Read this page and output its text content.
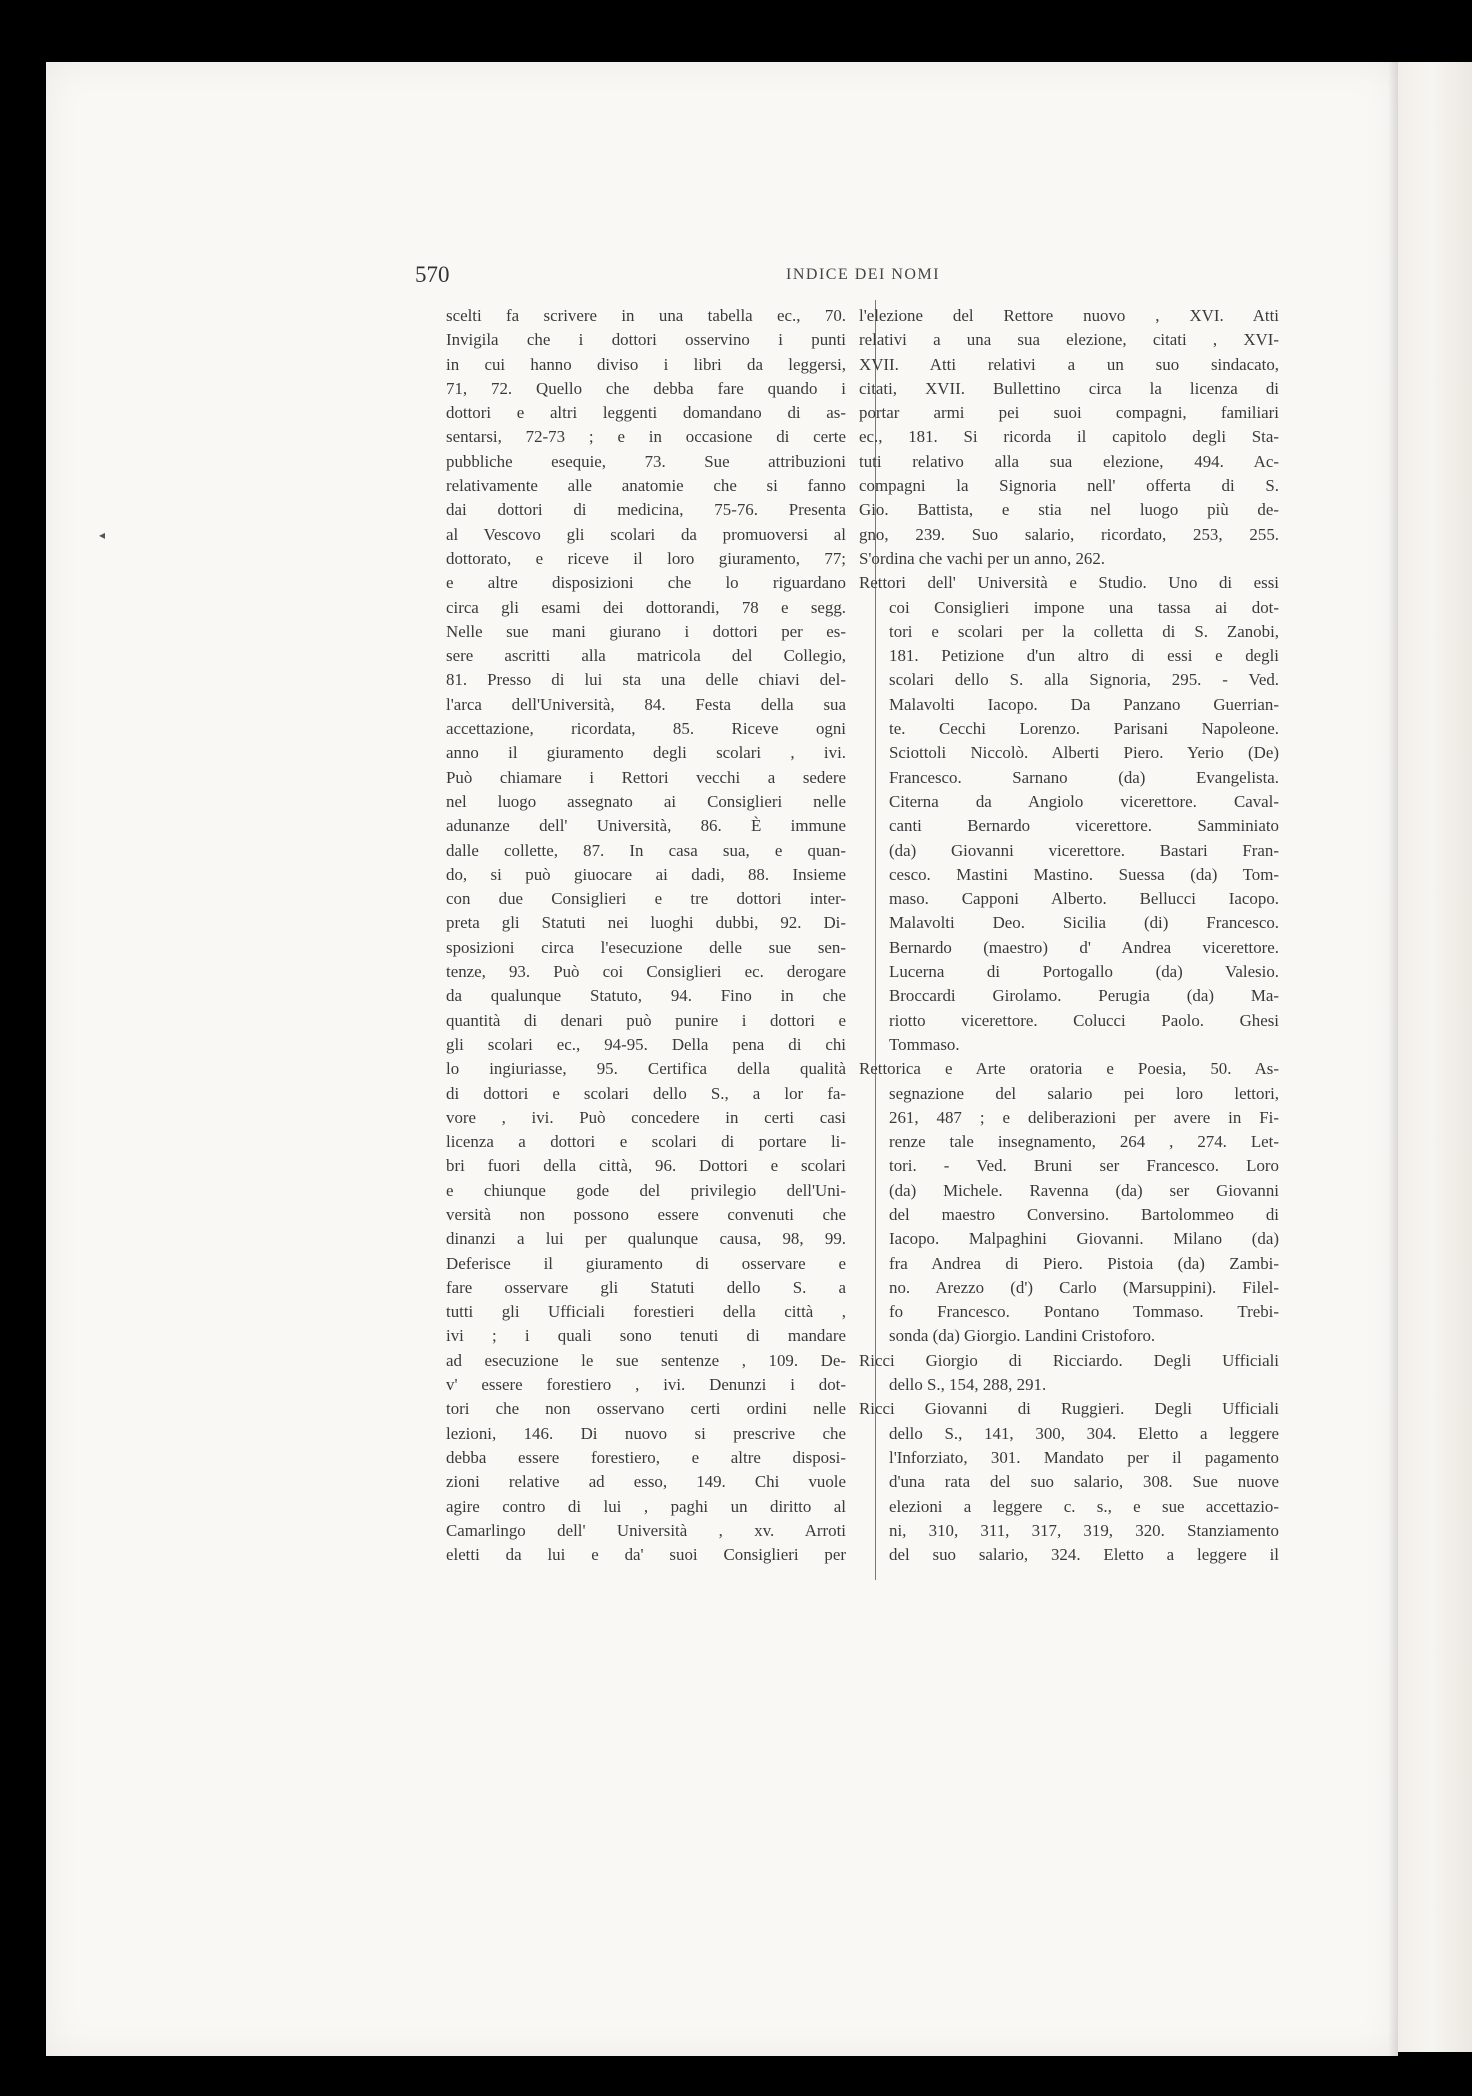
◂
570	INDICE DEI NOMI
scelti fa scrivere in una tabella ec., 70.
Invigila che i dottori osservino i punti
in cui hanno diviso i libri da leggersi,
71, 72. Quello che debba fare quando i
dottori e altri leggenti domandano di as-
sentarsi, 72-73 ; e in occasione di certe
pubbliche esequie, 73. Sue attribuzioni
relativamente alle anatomie che si fanno
dai dottori di medicina, 75-76. Presenta
al Vescovo gli scolari da promuoversi al
dottorato, e riceve il loro giuramento, 77;
e altre disposizioni che lo riguardano
circa gli esami dei dottorandi, 78 e segg.
Nelle sue mani giurano i dottori per es-
sere ascritti alla matricola del Collegio,
81. Presso di lui sta una delle chiavi del-
l'arca dell'Università, 84. Festa della sua
accettazione, ricordata, 85. Riceve ogni
anno il giuramento degli scolari , ivi.
Può chiamare i Rettori vecchi a sedere
nel luogo assegnato ai Consiglieri nelle
adunanze dell' Università, 86. È immune
dalle collette, 87. In casa sua, e quan-
do, si può giuocare ai dadi, 88. Insieme
con due Consiglieri e tre dottori inter-
preta gli Statuti nei luoghi dubbi, 92. Di-
sposizioni circa l'esecuzione delle sue sen-
tenze, 93. Può coi Consiglieri ec. derogare
da qualunque Statuto, 94. Fino in che
quantità di denari può punire i dottori e
gli scolari ec., 94-95. Della pena di chi
lo ingiuriasse, 95. Certifica della qualità
di dottori e scolari dello S., a lor fa-
vore , ivi. Può concedere in certi casi
licenza a dottori e scolari di portare li-
bri fuori della città, 96. Dottori e scolari
e chiunque gode del privilegio dell'Uni-
versità non possono essere convenuti che
dinanzi a lui per qualunque causa, 98, 99.
Deferisce il giuramento di osservare e
fare osservare gli Statuti dello S. a
tutti gli Ufficiali forestieri della città ,
ivi ; i quali sono tenuti di mandare
ad esecuzione le sue sentenze , 109. De-
v' essere forestiero , ivi. Denunzi i dot-
tori che non osservano certi ordini nelle
lezioni, 146. Di nuovo si prescrive che
debba essere forestiero, e altre disposi-
zioni relative ad esso, 149. Chi vuole
agire contro di lui , paghi un diritto al
Camarlingo dell' Università , xv. Arroti
eletti da lui e da' suoi Consiglieri per
l'elezione del Rettore nuovo , XVI. Atti
relativi a una sua elezione, citati , XVI-
XVII. Atti relativi a un suo sindacato,
citati, XVII. Bullettino circa la licenza di
portar armi pei suoi compagni, familiari
ec., 181. Si ricorda il capitolo degli Sta-
tuti relativo alla sua elezione, 494. Ac-
compagni la Signoria nell' offerta di S.
Gio. Battista, e stia nel luogo più de-
gno, 239. Suo salario, ricordato, 253, 255.
S'ordina che vachi per un anno, 262.
Rettori dell' Università e Studio. Uno di essi
coi Consiglieri impone una tassa ai dot-
tori e scolari per la colletta di S. Zanobi,
181. Petizione d'un altro di essi e degli
scolari dello S. alla Signoria, 295. - Ved.
Malavolti Iacopo. Da Panzano Guerrian-
te. Cecchi Lorenzo. Parisani Napoleone.
Sciottoli Niccolò. Alberti Piero. Yerio (De)
Francesco. Sarnano (da) Evangelista.
Citerna da Angiolo vicerettore. Caval-
canti Bernardo vicerettore. Samminiato
(da) Giovanni vicerettore. Bastari Fran-
cesco. Mastini Mastino. Suessa (da) Tom-
maso. Capponi Alberto. Bellucci Iacopo.
Malavolti Deo. Sicilia (di) Francesco.
Bernardo (maestro) d' Andrea vicerettore.
Lucerna di Portogallo (da) Valesio.
Broccardi Girolamo. Perugia (da) Ma-
riotto vicerettore. Colucci Paolo. Ghesi
Tommaso.
Rettorica e Arte oratoria e Poesia, 50. As-
segnazione del salario pei loro lettori,
261, 487 ; e deliberazioni per avere in Fi-
renze tale insegnamento, 264 , 274. Let-
tori. - Ved. Bruni ser Francesco. Loro
(da) Michele. Ravenna (da) ser Giovanni
del maestro Conversino. Bartolommeo di
Iacopo. Malpaghini Giovanni. Milano (da)
fra Andrea di Piero. Pistoia (da) Zambi-
no. Arezzo (d') Carlo (Marsuppini). Filel-
fo Francesco. Pontano Tommaso. Trebi-
sonda (da) Giorgio. Landini Cristoforo.
Ricci Giorgio di Ricciardo. Degli Ufficiali
dello S., 154, 288, 291.
Ricci Giovanni di Ruggieri. Degli Ufficiali
dello S., 141, 300, 304. Eletto a leggere
l'Inforziato, 301. Mandato per il pagamento
d'una rata del suo salario, 308. Sue nuove
elezioni a leggere c. s., e sue accettazio-
ni, 310, 311, 317, 319, 320. Stanziamento
del suo salario, 324. Eletto a leggere il
